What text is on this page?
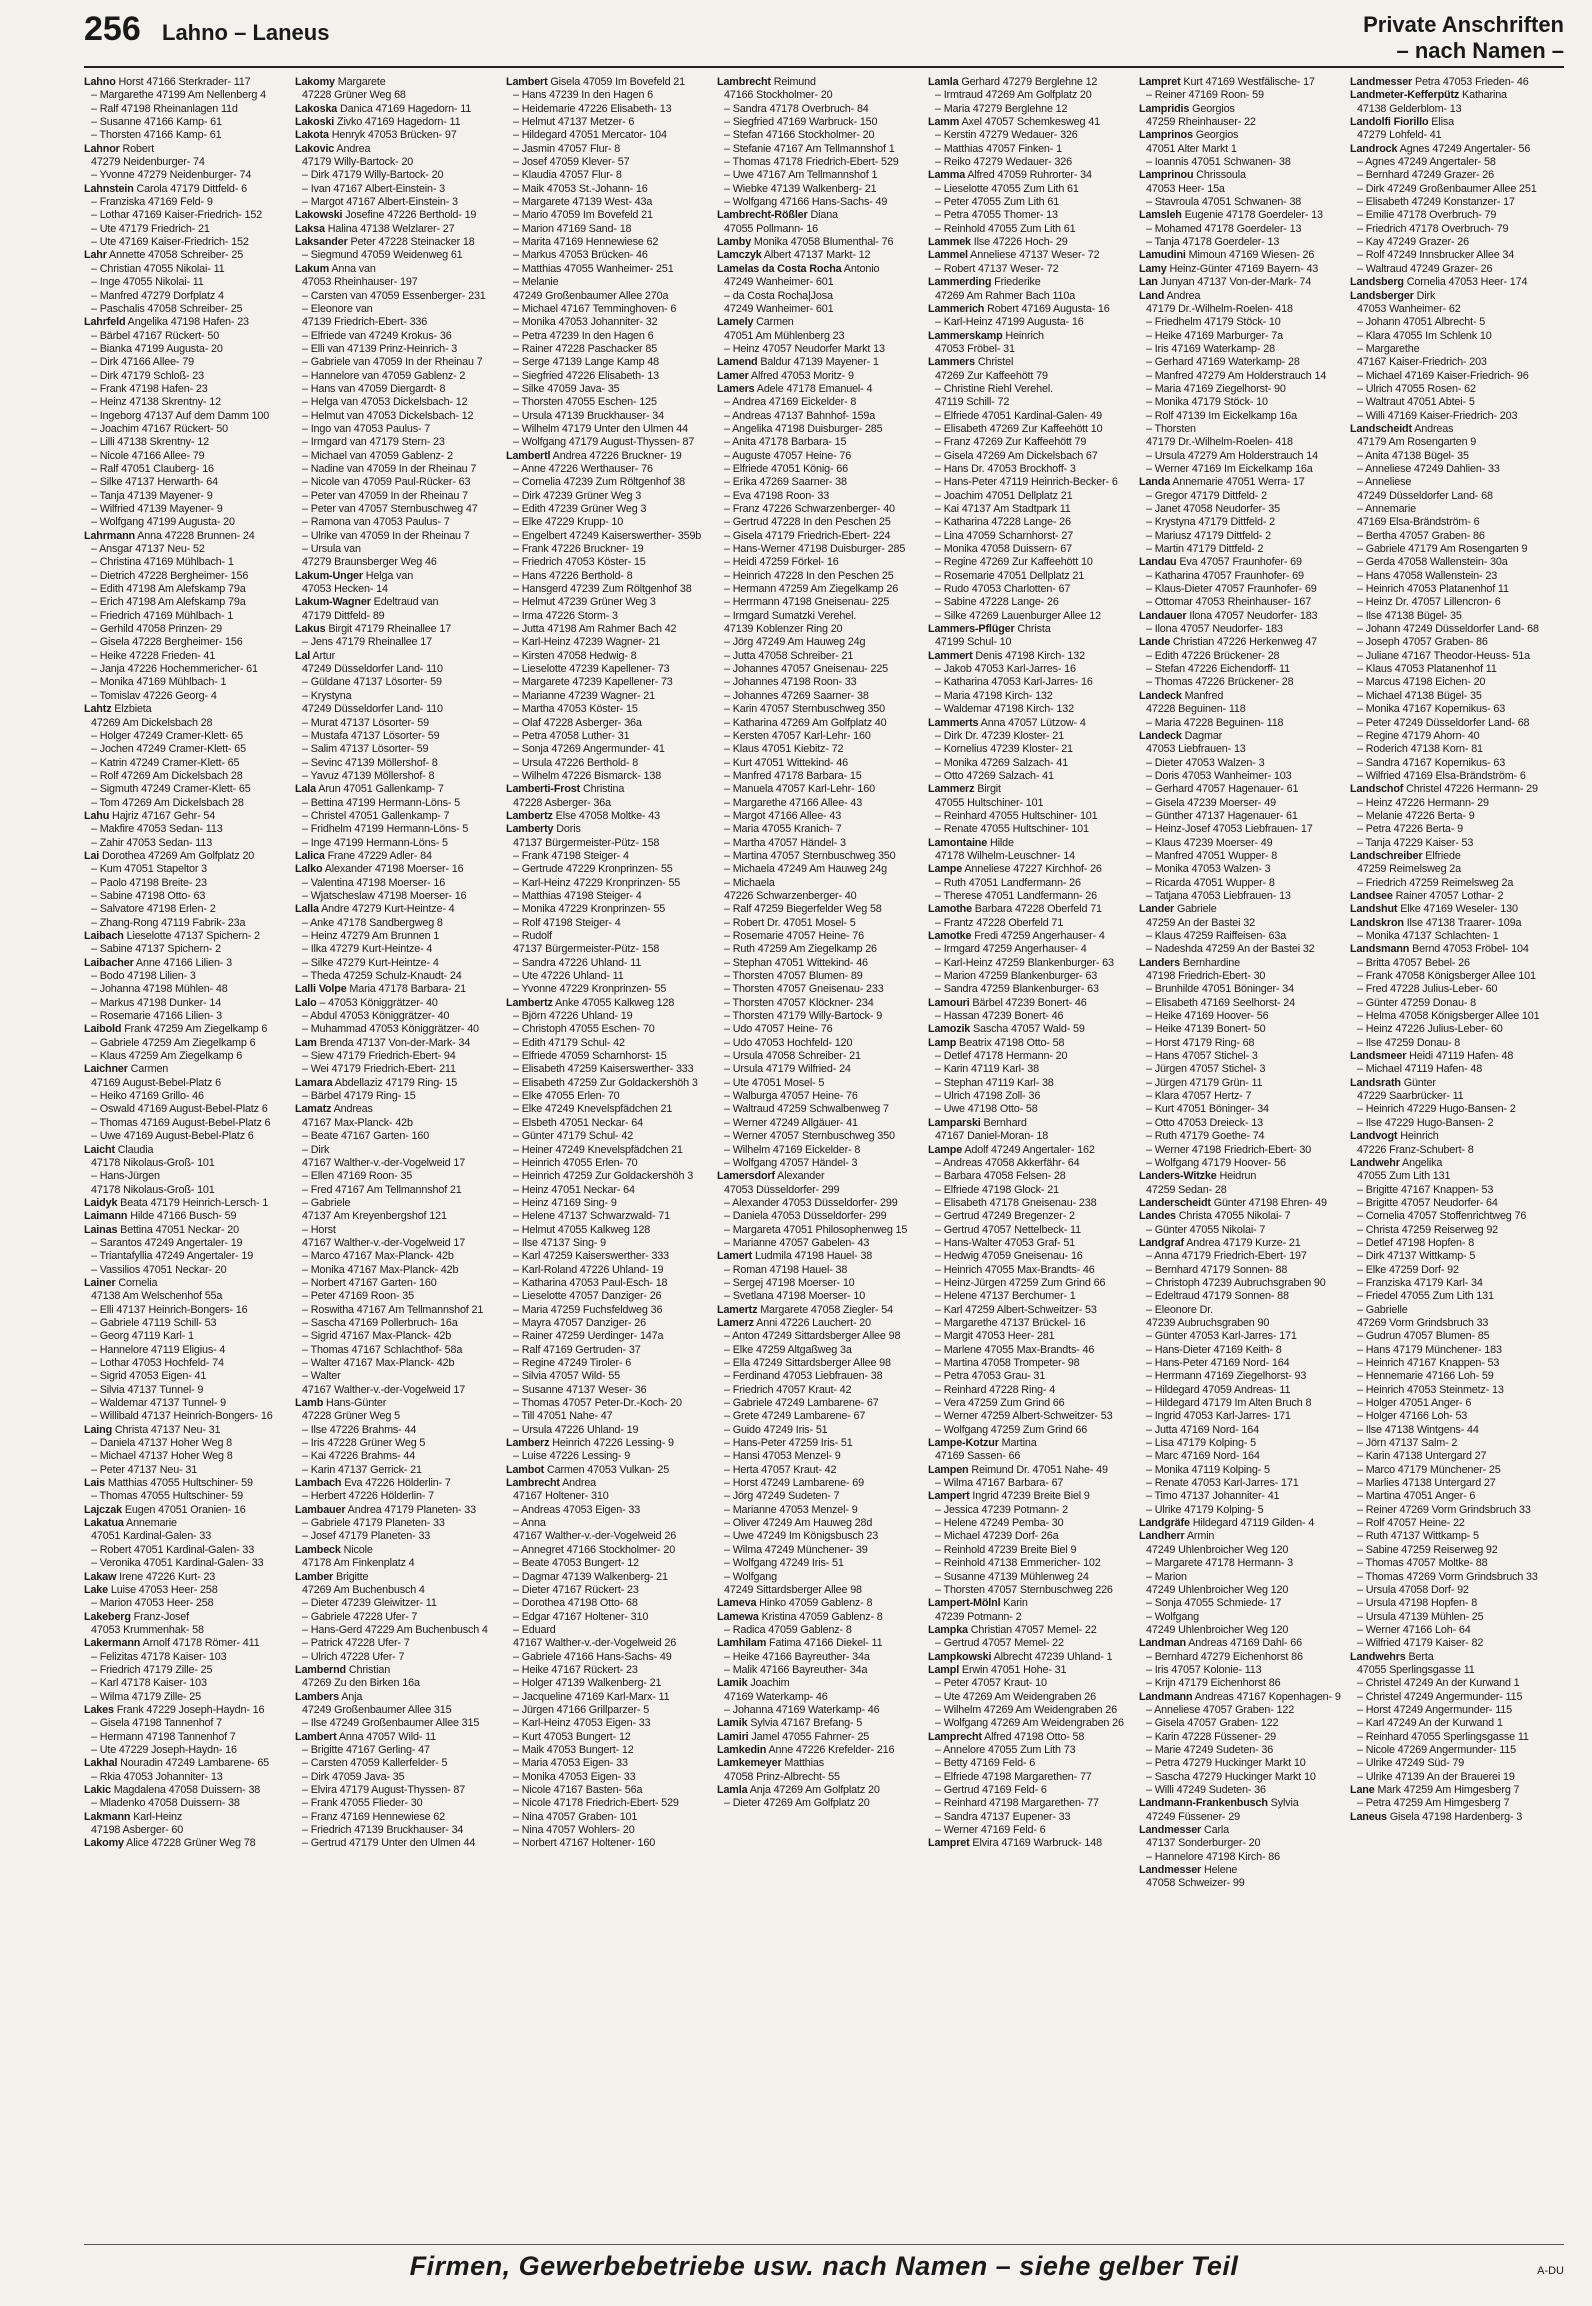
256 Lahno – Laneus	Private Anschriften
– nach Namen –
Lahno Horst 47166 Sterkrader- 117
– Margarethe 47199 Am Nellenberg 4
– Ralf 47198 Rheinanlagen 11d
– Susanne 47166 Kamp- 61
– Thorsten 47166 Kamp- 61
Lahnor Robert
47279 Neidenburger- 74
– Yvonne 47279 Neidenburger- 74
Lahnstein Carola 47179 Dittfeld- 6
– Franziska 47169 Feld- 9
– Lothar 47169 Kaiser-Friedrich- 152
– Ute 47179 Friedrich- 21
– Ute 47169 Kaiser-Friedrich- 152
Lahr Annette 47058 Schreiber- 25
– Christian 47055 Nikolai- 11
– Inge 47055 Nikolai- 11
– Manfred 47279 Dorfplatz 4
– Paschalis 47058 Schreiber- 25
Lahrfeld Angelika 47198 Hafen- 23
– Bärbel 47167 Rückert- 50
– Bianka 47199 Augusta- 20
– Dirk 47166 Allee- 79
– Dirk 47179 Schloß- 23
– Frank 47198 Hafen- 23
– Heinz 47138 Skrentny- 12
– Ingeborg 47137 Auf dem Damm 100
– Joachim 47167 Rückert- 50
– Lilli 47138 Skrentny- 12
– Nicole 47166 Allee- 79
– Ralf 47051 Clauberg- 16
– Silke 47137 Herwarth- 64
– Tanja 47139 Mayener- 9
– Wilfried 47139 Mayener- 9
– Wolfgang 47199 Augusta- 20
Lahrmann Anna 47228 Brunnen- 24
– Ansgar 47137 Neu- 52
– Christina 47169 Mühlbach- 1
– Dietrich 47228 Bergheimer- 156
– Edith 47198 Am Alefskamp 79a
– Erich 47198 Am Alefskamp 79a
– Friedrich 47169 Mühlbach- 1
– Gerhild 47058 Prinzen- 29
– Gisela 47228 Bergheimer- 156
– Heike 47228 Frieden- 41
– Janja 47226 Hochemmericher- 61
– Monika 47169 Mühlbach- 1
– Tomislav 47226 Georg- 4
Lahtz Elzbieta
47269 Am Dickelsbach 28
– Holger 47249 Cramer-Klett- 65
– Jochen 47249 Cramer-Klett- 65
– Katrin 47249 Cramer-Klett- 65
– Rolf 47269 Am Dickelsbach 28
– Sigmuth 47249 Cramer-Klett- 65
– Tom 47269 Am Dickelsbach 28
Lahu Hajriz 47167 Gehr- 54
– Makfire 47053 Sedan- 113
– Zahir 47053 Sedan- 113
Lai Dorothea 47269 Am Golfplatz 20
– Kum 47051 Stapeltor 3
– Paolo 47198 Breite- 23
– Sabine 47198 Otto- 63
– Salvatore 47198 Erlen- 2
– Zhang-Rong 47119 Fabrik- 23a
Laibach Lieselotte 47137 Spichern- 2
– Sabine 47137 Spichern- 2
Laibacher Anne 47166 Lilien- 3
– Bodo 47198 Lilien- 3
– Johanna 47198 Mühlen- 48
– Markus 47198 Dunker- 14
– Rosemarie 47166 Lilien- 3
Laibold Frank 47259 Am Ziegelkamp 6
– Gabriele 47259 Am Ziegelkamp 6
– Klaus 47259 Am Ziegelkamp 6
Laichner Carmen
47169 August-Bebel-Platz 6
– Heiko 47169 Grillo- 46
– Oswald 47169 August-Bebel-Platz 6
– Thomas 47169 August-Bebel-Platz 6
– Uwe 47169 August-Bebel-Platz 6
Laicht Claudia
47178 Nikolaus-Groß- 101
– Hans-Jürgen
47178 Nikolaus-Groß- 101
Laidyk Beata 47179 Heinrich-Lersch- 1
Laimann Hilde 47166 Busch- 59
Lainas Bettina 47051 Neckar- 20
– Sarantos 47249 Angertaler- 19
– Triantafyllia 47249 Angertaler- 19
– Vassilios 47051 Neckar- 20
Lainer Cornelia
47138 Am Welschenhof 55a
– Elli 47137 Heinrich-Bongers- 16
– Gabriele 47119 Schill- 53
– Georg 47119 Karl- 1
– Hannelore 47119 Eligius- 4
– Lothar 47053 Hochfeld- 74
– Sigrid 47053 Eigen- 41
– Silvia 47137 Tunnel- 9
– Waldemar 47137 Tunnel- 9
– Willibald 47137 Heinrich-Bongers- 16
Laing Christa 47137 Neu- 31
– Daniela 47137 Hoher Weg 8
– Michael 47137 Hoher Weg 8
– Peter 47137 Neu- 31
Lais Matthias 47055 Hultschiner- 59
– Thomas 47055 Hultschiner- 59
Lajczak Eugen 47051 Oranien- 16
Lakatua Annemarie
47051 Kardinal-Galen- 33
– Robert 47051 Kardinal-Galen- 33
– Veronika 47051 Kardinal-Galen- 33
Lakaw Irene 47226 Kurt- 23
Lake Luise 47053 Heer- 258
– Marion 47053 Heer- 258
Lakeberg Franz-Josef
47053 Krummenhak- 58
Lakermann Arnolf 47178 Römer- 411
– Felizitas 47178 Kaiser- 103
– Friedrich 47179 Zille- 25
– Karl 47178 Kaiser- 103
– Wilma 47179 Zille- 25
Lakes Frank 47229 Joseph-Haydn- 16
– Gisela 47198 Tannenhof 7
– Hermann 47198 Tannenhof 7
– Ute 47229 Joseph-Haydn- 16
Lakhal Nouradin 47249 Lambarene- 65
– Rkia 47053 Johanniter- 13
Lakic Magdalena 47058 Duissern- 38
– Mladenko 47058 Duissern- 38
Lakmann Karl-Heinz
47198 Asberger- 60
Lakomy Alice 47228 Grüner Weg 78
Lakomy Margarete
47228 Grüner Weg 68
Lakoska Danica 47169 Hagedorn- 11
Lakoski Zivko 47169 Hagedorn- 11
Lakota Henryk 47053 Brücken- 97
Lakovic Andrea
47179 Willy-Bartock- 20
– Dirk 47179 Willy-Bartock- 20
– Ivan 47167 Albert-Einstein- 3
– Margot 47167 Albert-Einstein- 3
Lakowski Josefine 47226 Berthold- 19
Laksa Halina 47138 Welzlarer- 27
Laksander Peter 47228 Steinacker 18
– Siegmund 47059 Weidenweg 61
Lakum Anna van
47053 Rheinhauser- 197
– Carsten van 47059 Essenberger- 231
– Eleonore van
47139 Friedrich-Ebert- 336
– Elfriede van 47249 Krokus- 36
– Elli van 47139 Prinz-Heinrich- 3
– Gabriele van 47059 In der Rheinau 7
– Hannelore van 47059 Gablenz- 2
– Hans van 47059 Diergardt- 8
– Helga van 47053 Dickelsbach- 12
– Helmut van 47053 Dickelsbach- 12
– Ingo van 47053 Paulus- 7
– Irmgard van 47179 Stern- 23
– Michael van 47059 Gablenz- 2
– Nadine van 47059 In der Rheinau 7
– Nicole van 47059 Paul-Rücker- 63
– Peter van 47059 In der Rheinau 7
– Peter van 47057 Sternbuschweg 47
– Ramona van 47053 Paulus- 7
– Ulrike van 47059 In der Rheinau 7
– Ursula van
47279 Braunsberger Weg 46
Lakum-Unger Helga van
47053 Hecken- 14
Lakum-Wagner Edeltraud van
47179 Dittfeld- 89
Lakus Birgit 47179 Rheinallee 17
– Jens 47179 Rheinallee 17
Lal Artur
47249 Düsseldorfer Land- 110
– Güldane 47137 Lösorter- 59
– Krystyna
47249 Düsseldorfer Land- 110
– Murat 47137 Lösorter- 59
– Mustafa 47137 Lösorter- 59
– Salim 47137 Lösorter- 59
– Sevinc 47139 Möllershof- 8
– Yavuz 47139 Möllershof- 8
Lala Arun 47051 Gallenkamp- 7
– Bettina 47199 Hermann-Löns- 5
– Christel 47051 Gallenkamp- 7
– Fridhelm 47199 Hermann-Löns- 5
– Inge 47199 Hermann-Löns- 5
Lalica Frane 47229 Adler- 84
Lalko Alexander 47198 Moerser- 16
– Valentina 47198 Moerser- 16
– Wjatscheslaw 47198 Moerser- 16
Lalla Andre 47279 Kurt-Heintze- 4
– Anke 47178 Sandbergweg 8
– Heinz 47279 Am Brunnen 1
– Ilka 47279 Kurt-Heintze- 4
– Silke 47279 Kurt-Heintze- 4
– Theda 47259 Schulz-Knaudt- 24
Lalli Volpe Maria 47178 Barbara- 21
Lalo – 47053 Königgrätzer- 40
– Abdul 47053 Königgrätzer- 40
– Muhammad 47053 Königgrätzer- 40
Lam Brenda 47137 Von-der-Mark- 34
– Siew 47179 Friedrich-Ebert- 94
– Wei 47179 Friedrich-Ebert- 211
Lamara Abdellaziz 47179 Ring- 15
– Bärbel 47179 Ring- 15
Lamatz Andreas
47167 Max-Planck- 42b
– Beate 47167 Garten- 160
– Dirk
47167 Walther-v.-der-Vogelweid 17
– Ellen 47169 Roon- 35
– Fred 47167 Am Tellmannshof 21
– Gabriele
47137 Am Kreyenbergshof 121
– Horst
47167 Walther-v.-der-Vogelweid 17
– Marco 47167 Max-Planck- 42b
– Monika 47167 Max-Planck- 42b
– Norbert 47167 Garten- 160
– Peter 47169 Roon- 35
– Roswitha 47167 Am Tellmannshof 21
– Sascha 47169 Pollerbruch- 16a
– Sigrid 47167 Max-Planck- 42b
– Thomas 47167 Schlachthof- 58a
– Walter 47167 Max-Planck- 42b
– Walter
47167 Walther-v.-der-Vogelweid 17
Lamb Hans-Günter
47228 Grüner Weg 5
– Ilse 47226 Brahms- 44
– Iris 47228 Grüner Weg 5
– Kai 47226 Brahms- 44
– Karin 47137 Gerrick- 21
Lambach Eva 47226 Hölderlin- 7
– Herbert 47226 Hölderlin- 7
Lambauer Andrea 47179 Planeten- 33
– Gabriele 47179 Planeten- 33
– Josef 47179 Planeten- 33
Lambeck Nicole
47178 Am Finkenplatz 4
Lamber Brigitte
47269 Am Buchenbusch 4
– Dieter 47239 Gleiwitzer- 11
– Gabriele 47228 Ufer- 7
– Hans-Gerd 47229 Am Buchenbusch 4
– Patrick 47228 Ufer- 7
– Ulrich 47228 Ufer- 7
Lambernd Christian
47269 Zu den Birken 16a
Lambers Anja
47249 Großenbaumer Allee 315
– Ilse 47249 Großenbaumer Allee 315
Lambert Anna 47057 Wild- 11
– Brigitte 47167 Gerling- 47
– Carsten 47059 Kallerfelder- 5
– Dirk 47059 Java- 35
– Elvira 47179 August-Thyssen- 87
– Frank 47055 Flieder- 30
– Franz 47169 Hennewiese 62
– Friedrich 47139 Bruckhauser- 34
– Gertrud 47179 Unter den Ulmen 44
Lambert Gisela 47059 Im Bovefeld 21
– Hans 47239 In den Hagen 6
– Heidemarie 47226 Elisabeth- 13
– Helmut 47137 Metzer- 6
– Hildegard 47051 Mercator- 104
– Jasmin 47057 Flur- 8
– Josef 47059 Klever- 57
– Klaudia 47057 Flur- 8
– Maik 47053 St.-Johann- 16
– Margarete 47139 West- 43a
– Mario 47059 Im Bovefeld 21
– Marion 47169 Sand- 18
– Marita 47169 Hennewiese 62
– Markus 47053 Brücken- 46
– Matthias 47055 Wanheimer- 251
– Melanie
47249 Großenbaumer Allee 270a
– Michael 47167 Temminghoven- 6
– Monika 47053 Johanniter- 32
– Petra 47239 In den Hagen 6
– Rainer 47228 Paschacker 85
– Serge 47139 Lange Kamp 48
– Siegfried 47226 Elisabeth- 13
– Silke 47059 Java- 35
– Thorsten 47055 Eschen- 125
– Ursula 47139 Bruckhauser- 34
– Wilhelm 47179 Unter den Ulmen 44
– Wolfgang 47179 August-Thyssen- 87
Lambertl Andrea 47226 Bruckner- 19
– Anne 47226 Werthauser- 76
– Cornelia 47239 Zum Röltgenhof 38
– Dirk 47239 Grüner Weg 3
– Edith 47239 Grüner Weg 3
– Elke 47229 Krupp- 10
– Engelbert 47249 Kaiserswerther- 359b
– Frank 47226 Bruckner- 19
– Friedrich 47053 Köster- 15
– Hans 47226 Berthold- 8
– Hansgerd 47239 Zum Röltgenhof 38
– Helmut 47239 Grüner Weg 3
– Irma 47226 Storm- 3
– Jutta 47198 Am Rahmer Bach 42
– Karl-Heinz 47239 Wagner- 21
– Kirsten 47058 Hedwig- 8
– Lieselotte 47239 Kapellener- 73
– Margarete 47239 Kapellener- 73
– Marianne 47239 Wagner- 21
– Martha 47053 Köster- 15
– Olaf 47228 Asberger- 36a
– Petra 47058 Luther- 31
– Sonja 47269 Angermunder- 41
– Ursula 47226 Berthold- 8
– Wilhelm 47226 Bismarck- 138
Lamberti-Frost Christina
47228 Asberger- 36a
Lambertz Else 47058 Moltke- 43
Lamberty Doris
47137 Bürgermeister-Pütz- 158
– Frank 47198 Steiger- 4
– Gertrude 47229 Kronprinzen- 55
– Karl-Heinz 47229 Kronprinzen- 55
– Matthias 47198 Steiger- 4
– Monika 47229 Kronprinzen- 55
– Rolf 47198 Steiger- 4
– Rudolf
47137 Bürgermeister-Pütz- 158
– Sandra 47226 Uhland- 11
– Ute 47226 Uhland- 11
– Yvonne 47229 Kronprinzen- 55
Lambertz Anke 47055 Kalkweg 128
– Björn 47226 Uhland- 19
– Christoph 47055 Eschen- 70
– Edith 47179 Schul- 42
– Elfriede 47059 Scharnhorst- 15
– Elisabeth 47259 Kaiserswerther- 333
– Elisabeth 47259 Zur Goldackershöh 3
– Elke 47055 Erlen- 70
– Elke 47249 Knevelspfädchen 21
– Elsbeth 47051 Neckar- 64
– Günter 47179 Schul- 42
– Heiner 47249 Knevelspfädchen 21
– Heinrich 47055 Erlen- 70
– Heinrich 47259 Zur Goldackershöh 3
– Heinz 47051 Neckar- 64
– Heinz 47169 Sing- 9
– Helene 47137 Schwarzwald- 71
– Helmut 47055 Kalkweg 128
– Ilse 47137 Sing- 9
– Karl 47259 Kaiserswerther- 333
– Karl-Roland 47226 Uhland- 19
– Katharina 47053 Paul-Esch- 18
– Lieselotte 47057 Danziger- 26
– Maria 47259 Fuchsfeldweg 36
– Mayra 47057 Danziger- 26
– Rainer 47259 Uerdinger- 147a
– Ralf 47169 Gertruden- 37
– Regine 47249 Tiroler- 6
– Silvia 47057 Wild- 55
– Susanne 47137 Weser- 36
– Thomas 47057 Peter-Dr.-Koch- 20
– Till 47051 Nahe- 47
– Ursula 47226 Uhland- 19
Lamberz Heinrich 47226 Lessing- 9
– Luise 47226 Lessing- 9
Lambot Carmen 47053 Vulkan- 25
Lambrecht Andrea
47167 Holtener- 310
– Andreas 47053 Eigen- 33
– Anna
47167 Walther-v.-der-Vogelweid 26
– Annegret 47166 Stockholmer- 20
– Beate 47053 Bungert- 12
– Dagmar 47139 Walkenberg- 21
– Dieter 47167 Rückert- 23
– Dorothea 47198 Otto- 68
– Edgar 47167 Holtener- 310
– Eduard
47167 Walther-v.-der-Vogelweid 26
– Gabriele 47166 Hans-Sachs- 49
– Heike 47167 Rückert- 23
– Holger 47139 Walkenberg- 21
– Jacqueline 47169 Karl-Marx- 11
– Jürgen 47166 Grillparzer- 5
– Karl-Heinz 47053 Eigen- 33
– Kurt 47053 Bungert- 12
– Maik 47053 Bungert- 12
– Maria 47053 Eigen- 33
– Monika 47053 Eigen- 33
– Nicole 47167 Basten- 56a
– Nicole 47178 Friedrich-Ebert- 529
– Nina 47057 Graben- 101
– Nina 47057 Wohlers- 20
– Norbert 47167 Holtener- 160
Lambrecht Reimund
47166 Stockholmer- 20
– Sandra 47178 Overbruch- 84
– Siegfried 47169 Warbruck- 150
– Stefan 47166 Stockholmer- 20
– Stefanie 47167 Am Tellmannshof 1
– Thomas 47178 Friedrich-Ebert- 529
– Uwe 47167 Am Tellmannshof 1
– Wiebke 47139 Walkenberg- 21
– Wolfgang 47166 Hans-Sachs- 49
Lambrecht-Rößler Diana
47055 Pollmann- 16
Lamby Monika 47058 Blumenthal- 76
Lamczyk Albert 47137 Markt- 12
Lamelas da Costa Rocha Antonio
47249 Wanheimer- 601
– da Costa Rocha|Josa
47249 Wanheimer- 601
Lamely Carmen
47051 Am Mühlenberg 23
– Heinz 47057 Neudorfer Markt 13
Lamend Baldur 47139 Mayener- 1
Lamer Alfred 47053 Moritz- 9
Lamers Adele 47178 Emanuel- 4
– Andrea 47169 Eickelder- 8
– Andreas 47137 Bahnhof- 159a
– Angelika 47198 Duisburger- 285
– Anita 47178 Barbara- 15
– Auguste 47057 Heine- 76
– Elfriede 47051 König- 66
– Erika 47269 Saarner- 38
– Eva 47198 Roon- 33
– Franz 47226 Schwarzenberger- 40
– Gertrud 47228 In den Peschen 25
– Gisela 47179 Friedrich-Ebert- 224
– Hans-Werner 47198 Duisburger- 285
– Heidi 47259 Förkel- 16
– Heinrich 47228 In den Peschen 25
– Hermann 47259 Am Ziegelkamp 26
– Herrmann 47198 Gneisenau- 225
– Irmgard Sumatzki Verehel.
47139 Koblenzer Ring 20
– Jörg 47249 Am Hauweg 24g
– Jutta 47058 Schreiber- 21
– Johannes 47057 Gneisenau- 225
– Johannes 47198 Roon- 33
– Johannes 47269 Saarner- 38
– Karin 47057 Sternbuschweg 350
– Katharina 47269 Am Golfplatz 40
– Kersten 47057 Karl-Lehr- 160
– Klaus 47051 Kiebitz- 72
– Kurt 47051 Wittekind- 46
– Manfred 47178 Barbara- 15
– Manuela 47057 Karl-Lehr- 160
– Margarethe 47166 Allee- 43
– Margot 47166 Allee- 43
– Maria 47055 Kranich- 7
– Martha 47057 Händel- 3
– Martina 47057 Sternbuschweg 350
– Michaela 47249 Am Hauweg 24g
– Michaela
47226 Schwarzenberger- 40
– Ralf 47259 Biegerfelder Weg 58
– Robert Dr. 47051 Mosel- 5
– Rosemarie 47057 Heine- 76
– Ruth 47259 Am Ziegelkamp 26
– Stephan 47051 Wittekind- 46
– Thorsten 47057 Blumen- 89
– Thorsten 47057 Gneisenau- 233
– Thorsten 47057 Klöckner- 234
– Thorsten 47179 Willy-Bartock- 9
– Udo 47057 Heine- 76
– Udo 47053 Hochfeld- 120
– Ursula 47058 Schreiber- 21
– Ursula 47179 Wilfried- 24
– Ute 47051 Mosel- 5
– Walburga 47057 Heine- 76
– Waltraud 47259 Schwalbenweg 7
– Werner 47249 Allgäuer- 41
– Werner 47057 Sternbuschweg 350
– Wilhelm 47169 Eickelder- 8
– Wolfgang 47057 Händel- 3
Lamersdorf Alexander
47053 Düsseldorfer- 299
– Alexander 47053 Düsseldorfer- 299
– Daniela 47053 Düsseldorfer- 299
– Margareta 47051 Philosophenweg 15
– Marianne 47057 Gabelen- 43
Lamert Ludmila 47198 Hauel- 38
– Roman 47198 Hauel- 38
– Sergej 47198 Moerser- 10
– Svetlana 47198 Moerser- 10
Lamertz Margarete 47058 Ziegler- 54
Lamerz Anni 47226 Lauchert- 20
– Anton 47249 Sittardsberger Allee 98
– Elke 47259 Altgaßweg 3a
– Ella 47249 Sittardsberger Allee 98
– Ferdinand 47053 Liebfrauen- 38
– Friedrich 47057 Kraut- 42
– Gabriele 47249 Lambarene- 67
– Grete 47249 Lambarene- 67
– Guido 47249 Iris- 51
– Hans-Peter 47259 Iris- 51
– Hansi 47053 Menzel- 9
– Herta 47057 Kraut- 42
– Horst 47249 Lambarene- 69
– Jörg 47249 Sudeten- 7
– Marianne 47053 Menzel- 9
– Oliver 47249 Am Hauweg 28d
– Uwe 47249 Im Königsbusch 23
– Wilma 47249 Münchener- 39
– Wolfgang 47249 Iris- 51
– Wolfgang
47249 Sittardsberger Allee 98
Lameva Hinko 47059 Gablenz- 8
Lamewa Kristina 47059 Gablenz- 8
– Radica 47059 Gablenz- 8
Lamhilam Fatima 47166 Diekel- 11
– Heike 47166 Bayreuther- 34a
– Malik 47166 Bayreuther- 34a
Lamik Joachim
47169 Waterkamp- 46
– Johanna 47169 Waterkamp- 46
Lamik Sylvia 47167 Brefang- 5
Lamiri Jamel 47055 Fahrner- 25
Lamkedin Anne 47226 Krefelder- 216
Lamkemeyer Matthias
47058 Prinz-Albrecht- 55
Lamla Anja 47269 Am Golfplatz 20
– Dieter 47269 Am Golfplatz 20
Lamla Gerhard 47279 Berglehne 12
– Irmtraud 47269 Am Golfplatz 20
– Maria 47279 Berglehne 12
Lamm Axel 47057 Schemkesweg 41
– Kerstin 47279 Wedauer- 326
– Matthias 47057 Finken- 1
– Reiko 47279 Wedauer- 326
Lamma Alfred 47059 Ruhrorter- 34
– Lieselotte 47055 Zum Lith 61
– Peter 47055 Zum Lith 61
– Petra 47055 Thomer- 13
– Reinhold 47055 Zum Lith 61
Lammek Ilse 47226 Hoch- 29
Lammel Anneliese 47137 Weser- 72
– Robert 47137 Weser- 72
Lammerding Friederike
47269 Am Rahmer Bach 110a
Lammerich Robert 47169 Augusta- 16
– Karl-Heinz 47199 Augusta- 16
Lammerskamp Heinrich
47053 Fröbel- 31
Lammers Christel
47269 Zur Kaffeehött 79
– Christine Riehl Verehel.
47119 Schill- 72
– Elfriede 47051 Kardinal-Galen- 49
– Elisabeth 47269 Zur Kaffeehött 10
– Franz 47269 Zur Kaffeehött 79
– Gisela 47269 Am Dickelsbach 67
– Hans Dr. 47053 Brockhoff- 3
– Hans-Peter 47119 Heinrich-Becker- 6
– Joachim 47051 Dellplatz 21
– Kai 47137 Am Stadtpark 11
– Katharina 47228 Lange- 26
– Lina 47059 Scharnhorst- 27
– Monika 47058 Duissern- 67
– Regine 47269 Zur Kaffeehött 10
– Rosemarie 47051 Dellplatz 21
– Rudo 47053 Charlotten- 67
– Sabine 47228 Lange- 26
– Silke 47269 Lauenburger Allee 12
Lammers-Pflüger Christa
47199 Schul- 10
Lammert Denis 47198 Kirch- 132
– Jakob 47053 Karl-Jarres- 16
– Katharina 47053 Karl-Jarres- 16
– Maria 47198 Kirch- 132
– Waldemar 47198 Kirch- 132
Lammerts Anna 47057 Lützow- 4
– Dirk Dr. 47239 Kloster- 21
– Kornelius 47239 Kloster- 21
– Monika 47269 Salzach- 41
– Otto 47269 Salzach- 41
Lammerz Birgit
47055 Hultschiner- 101
– Reinhard 47055 Hultschiner- 101
– Renate 47055 Hultschiner- 101
Lamontaine Hilde
47178 Wilhelm-Leuschner- 14
Lampe Anneliese 47227 Kirchhof- 26
– Ruth 47051 Landfermann- 26
– Therese 47051 Landfermann- 26
Lamothe Barbara 47228 Oberfeld 71
– Frantz 47228 Oberfeld 71
Lamotke Fredi 47259 Angerhauser- 4
– Irmgard 47259 Angerhauser- 4
– Karl-Heinz 47259 Blankenburger- 63
– Marion 47259 Blankenburger- 63
– Sandra 47259 Blankenburger- 63
Lamouri Bärbel 47239 Bonert- 46
– Hassan 47239 Bonert- 46
Lamozik Sascha 47057 Wald- 59
Lamp Beatrix 47198 Otto- 58
– Detlef 47178 Hermann- 20
– Karin 47119 Karl- 38
– Stephan 47119 Karl- 38
– Ulrich 47198 Zoll- 36
– Uwe 47198 Otto- 58
Lamparski Bernhard
47167 Daniel-Moran- 18
Lampe Adolf 47249 Angertaler- 162
– Andreas 47058 Akkerfähr- 64
– Barbara 47058 Felsen- 28
– Elfriede 47198 Glock- 21
– Elisabeth 47178 Gneisenau- 238
– Gertrud 47249 Bregenzer- 2
– Gertrud 47057 Nettelbeck- 11
– Hans-Walter 47053 Graf- 51
– Hedwig 47059 Gneisenau- 16
– Heinrich 47055 Max-Brandts- 46
– Heinz-Jürgen 47259 Zum Grind 66
– Helene 47137 Berchumer- 1
– Karl 47259 Albert-Schweitzer- 53
– Margarethe 47137 Brückel- 16
– Margit 47053 Heer- 281
– Marlene 47055 Max-Brandts- 46
– Martina 47058 Trompeter- 98
– Petra 47053 Grau- 31
– Reinhard 47228 Ring- 4
– Vera 47259 Zum Grind 66
– Werner 47259 Albert-Schweitzer- 53
– Wolfgang 47259 Zum Grind 66
Lampe-Kotzur Martina
47169 Sassen- 66
Lampen Reimund Dr. 47051 Nahe- 49
– Wilma 47167 Barbara- 67
Lampert Ingrid 47239 Breite Biel 9
– Jessica 47239 Potmann- 2
– Helene 47249 Pemba- 30
– Michael 47239 Dorf- 26a
– Reinhold 47239 Breite Biel 9
– Reinhold 47138 Emmericher- 102
– Susanne 47139 Mühlenweg 24
– Thorsten 47057 Sternbuschweg 226
Lampert-Mölnl Karin
47239 Potmann- 2
Lampka Christian 47057 Memel- 22
– Gertrud 47057 Memel- 22
Lampkowski Albrecht 47239 Uhland- 1
Lampl Erwin 47051 Hohe- 31
– Peter 47057 Kraut- 10
– Ute 47269 Am Weidengraben 26
– Wilhelm 47269 Am Weidengraben 26
– Wolfgang 47269 Am Weidengraben 26
Lamprecht Alfred 47198 Otto- 58
– Annelore 47055 Zum Lith 73
– Betty 47169 Feld- 6
– Elfriede 47198 Margarethen- 77
– Gertrud 47169 Feld- 6
– Reinhard 47198 Margarethen- 77
– Sandra 47137 Eupener- 33
– Werner 47169 Feld- 6
Lampret Elvira 47169 Warbruck- 148
Lampret Kurt 47169 Westfälische- 17
– Reiner 47169 Roon- 59
Lampridis Georgios
47259 Rheinhauser- 22
Lamprinos Georgios
47051 Alter Markt 1
– Ioannis 47051 Schwanen- 38
Lamprinou Chrissoula
47053 Heer- 15a
– Stavroula 47051 Schwanen- 38
Lamsleh Eugenie 47178 Goerdeler- 13
– Mohamed 47178 Goerdeler- 13
– Tanja 47178 Goerdeler- 13
Lamudini Mimoun 47169 Wiesen- 26
Lamy Heinz-Günter 47169 Bayern- 43
Lan Junyan 47137 Von-der-Mark- 74
Land Andrea
47179 Dr.-Wilhelm-Roelen- 418
– Friedhelm 47179 Stöck- 10
– Heike 47169 Marburger- 7a
– Iris 47169 Waterkamp- 28
– Gerhard 47169 Waterkamp- 28
– Manfred 47279 Am Holderstrauch 14
– Maria 47169 Ziegelhorst- 90
– Monika 47179 Stöck- 10
– Rolf 47139 Im Eickelkamp 16a
– Thorsten
47179 Dr.-Wilhelm-Roelen- 418
– Ursula 47279 Am Holderstrauch 14
– Werner 47169 Im Eickelkamp 16a
Landa Annemarie 47051 Werra- 17
– Gregor 47179 Dittfeld- 2
– Janet 47058 Neudorfer- 35
– Krystyna 47179 Dittfeld- 2
– Mariusz 47179 Dittfeld- 2
– Martin 47179 Dittfeld- 2
Landau Eva 47057 Fraunhofer- 69
– Katharina 47057 Fraunhofer- 69
– Klaus-Dieter 47057 Fraunhofer- 69
– Ottomar 47053 Rheinhauser- 167
Landauer Ilona 47057 Neudorfer- 183
– Ilona 47057 Neudorfer- 183
Lande Christian 47226 Herkenweg 47
– Edith 47226 Brückener- 28
– Stefan 47226 Eichendorff- 11
– Thomas 47226 Brückener- 28
Landeck Manfred
47228 Beguinen- 118
– Maria 47228 Beguinen- 118
Landeck Dagmar
47053 Liebfrauen- 13
– Dieter 47053 Walzen- 3
– Doris 47053 Wanheimer- 103
– Gerhard 47057 Hagenauer- 61
– Gisela 47239 Moerser- 49
– Günther 47137 Hagenauer- 61
– Heinz-Josef 47053 Liebfrauen- 17
– Klaus 47239 Moerser- 49
– Manfred 47051 Wupper- 8
– Monika 47053 Walzen- 3
– Ricarda 47051 Wupper- 8
– Tatjana 47053 Liebfrauen- 13
Lander Gabriele
47259 An der Bastei 32
– Klaus 47259 Raiffeisen- 63a
– Nadeshda 47259 An der Bastei 32
Landers Bernhardine
47198 Friedrich-Ebert- 30
– Brunhilde 47051 Böninger- 34
– Elisabeth 47169 Seelhorst- 24
– Heike 47169 Hoover- 56
– Heike 47139 Bonert- 50
– Horst 47179 Ring- 68
– Hans 47057 Stichel- 3
– Jürgen 47057 Stichel- 3
– Jürgen 47179 Grün- 11
– Klara 47057 Hertz- 7
– Kurt 47051 Böninger- 34
– Otto 47053 Dreieck- 13
– Ruth 47179 Goethe- 74
– Werner 47198 Friedrich-Ebert- 30
– Wolfgang 47179 Hoover- 56
Landers-Witzke Heidrun
47259 Sedan- 28
Landerscheidt Günter 47198 Ehren- 49
Landes Christa 47055 Nikolai- 7
– Günter 47055 Nikolai- 7
Landgraf Andrea 47179 Kurze- 21
– Anna 47179 Friedrich-Ebert- 197
– Bernhard 47179 Sonnen- 88
– Christoph 47239 Aubruchsgraben 90
– Edeltraud 47179 Sonnen- 88
– Eleonore Dr.
47239 Aubruchsgraben 90
– Günter 47053 Karl-Jarres- 171
– Hans-Dieter 47169 Keith- 8
– Hans-Peter 47169 Nord- 164
– Herrmann 47169 Ziegelhorst- 93
– Hildegard 47059 Andreas- 11
– Hildegard 47179 Im Alten Bruch 8
– Ingrid 47053 Karl-Jarres- 171
– Jutta 47169 Nord- 164
– Lisa 47179 Kolping- 5
– Marc 47169 Nord- 164
– Monika 47119 Kolping- 5
– Renate 47053 Karl-Jarres- 171
– Timo 47137 Johanniter- 41
– Ulrike 47179 Kolping- 5
Landgräfe Hildegard 47119 Gilden- 4
Landherr Armin
47249 Uhlenbroicher Weg 120
– Margarete 47178 Hermann- 3
– Marion
47249 Uhlenbroicher Weg 120
– Sonja 47055 Schmiede- 17
– Wolfgang
47249 Uhlenbroicher Weg 120
Landman Andreas 47169 Dahl- 66
– Bernhard 47279 Eichenhorst 86
– Iris 47057 Kolonie- 113
– Krijn 47179 Eichenhorst 86
Landmann Andreas 47167 Kopenhagen- 9
– Anneliese 47057 Graben- 122
– Gisela 47057 Graben- 122
– Karin 47228 Füssener- 29
– Marie 47249 Sudeten- 36
– Petra 47279 Huckinger Markt 10
– Sascha 47279 Huckinger Markt 10
– Willi 47249 Sudeten- 36
Landmann-Frankenbusch Sylvia
47249 Füssener- 29
Landmesser Carla
47137 Sonderburger- 20
– Hannelore 47198 Kirch- 86
Landmesser Helene
47058 Schweizer- 99
Landmesser Petra 47053 Frieden- 46
Landmeter-Kefferpütz Katharina
47138 Gelderblom- 13
Landolfi Fiorillo Elisa
47279 Lohfeld- 41
Landrock Agnes 47249 Angertaler- 56
– Agnes 47249 Angertaler- 58
– Bernhard 47249 Grazer- 26
– Dirk 47249 Großenbaumer Allee 251
– Elisabeth 47249 Konstanzer- 17
– Emilie 47178 Overbruch- 79
– Friedrich 47178 Overbruch- 79
– Kay 47249 Grazer- 26
– Rolf 47249 Innsbrucker Allee 34
– Waltraud 47249 Grazer- 26
Landsberg Cornelia 47053 Heer- 174
Landsberger Dirk
47053 Wanheimer- 62
– Johann 47051 Albrecht- 5
– Klara 47055 Im Schlenk 10
– Margarethe
47167 Kaiser-Friedrich- 203
– Michael 47169 Kaiser-Friedrich- 96
– Ulrich 47055 Rosen- 62
– Waltraut 47051 Abtei- 5
– Willi 47169 Kaiser-Friedrich- 203
Landscheidt Andreas
47179 Am Rosengarten 9
– Anita 47138 Bügel- 35
– Anneliese 47249 Dahlien- 33
– Anneliese
47249 Düsseldorfer Land- 68
– Annemarie
47169 Elsa-Brändström- 6
– Bertha 47057 Graben- 86
– Gabriele 47179 Am Rosengarten 9
– Gerda 47058 Wallenstein- 30a
– Hans 47058 Wallenstein- 23
– Heinrich 47053 Platanenhof 11
– Heinz Dr. 47057 Lillencron- 6
– Ilse 47138 Bügel- 35
– Johann 47249 Düsseldorfer Land- 68
– Joseph 47057 Graben- 86
– Juliane 47167 Theodor-Heuss- 51a
– Klaus 47053 Platanenhof 11
– Marcus 47198 Eichen- 20
– Michael 47138 Bügel- 35
– Monika 47167 Kopernikus- 63
– Peter 47249 Düsseldorfer Land- 68
– Regine 47179 Ahorn- 40
– Roderich 47138 Korn- 81
– Sandra 47167 Kopernikus- 63
– Wilfried 47169 Elsa-Brändström- 6
Landschof Christel 47226 Hermann- 29
– Heinz 47226 Hermann- 29
– Melanie 47226 Berta- 9
– Petra 47226 Berta- 9
– Tanja 47229 Kaiser- 53
Landschreiber Elfriede
47259 Reimelsweg 2a
– Friedrich 47259 Reimelsweg 2a
Landsee Rainer 47057 Lothar- 2
Landshut Elke 47169 Weseler- 130
Landskron Ilse 47138 Traarer- 109a
– Monika 47137 Schlachten- 1
Landsmann Bernd 47053 Fröbel- 104
– Britta 47057 Bebel- 26
– Frank 47058 Königsberger Allee 101
– Fred 47228 Julius-Leber- 60
– Günter 47259 Donau- 8
– Helma 47058 Königsberger Allee 101
– Heinz 47226 Julius-Leber- 60
– Ilse 47259 Donau- 8
Landsmeer Heidi 47119 Hafen- 48
– Michael 47119 Hafen- 48
Landsrath Günter
47229 Saarbrücker- 11
– Heinrich 47229 Hugo-Bansen- 2
– Ilse 47229 Hugo-Bansen- 2
Landvogt Heinrich
47226 Franz-Schubert- 8
Landwehr Angelika
47055 Zum Lith 131
– Brigitte 47167 Knappen- 53
– Brigitte 47057 Neudorfer- 64
– Cornelia 47057 Stoffenrichtweg 76
– Christa 47259 Reiserweg 92
– Detlef 47198 Hopfen- 8
– Dirk 47137 Wittkamp- 5
– Elke 47259 Dorf- 92
– Franziska 47179 Karl- 34
– Friedel 47055 Zum Lith 131
– Gabrielle
47269 Vorm Grindsbruch 33
– Gudrun 47057 Blumen- 85
– Hans 47179 Münchener- 183
– Heinrich 47167 Knappen- 53
– Hennemarie 47166 Loh- 59
– Heinrich 47053 Steinmetz- 13
– Holger 47051 Anger- 6
– Holger 47166 Loh- 53
– Ilse 47138 Wintgens- 44
– Jörn 47137 Salm- 2
– Karin 47138 Untergard 27
– Marco 47179 Münchener- 25
– Marlies 47138 Untergard 27
– Martina 47051 Anger- 6
– Reiner 47269 Vorm Grindsbruch 33
– Rolf 47057 Heine- 22
– Ruth 47137 Wittkamp- 5
– Sabine 47259 Reiserweg 92
– Thomas 47057 Moltke- 88
– Thomas 47269 Vorm Grindsbruch 33
– Ursula 47058 Dorf- 92
– Ursula 47198 Hopfen- 8
– Ursula 47139 Mühlen- 25
– Werner 47166 Loh- 64
– Wilfried 47179 Kaiser- 82
Landwehrs Berta
47055 Sperlingsgasse 11
– Christel 47249 An der Kurwand 1
– Christel 47249 Angermunder- 115
– Horst 47249 Angermunder- 115
– Karl 47249 An der Kurwand 1
– Reinhard 47055 Sperlingsgasse 11
– Nicole 47269 Angermunder- 115
– Ulrike 47249 Süd- 79
– Ulrike 47139 An der Brauerei 19
Lane Mark 47259 Am Himgesberg 7
– Petra 47259 Am Himgesberg 7
Laneus Gisela 47198 Hardenberg- 3
Firmen, Gewerbebetriebe usw. nach Namen – siehe gelber Teil	A-DU
